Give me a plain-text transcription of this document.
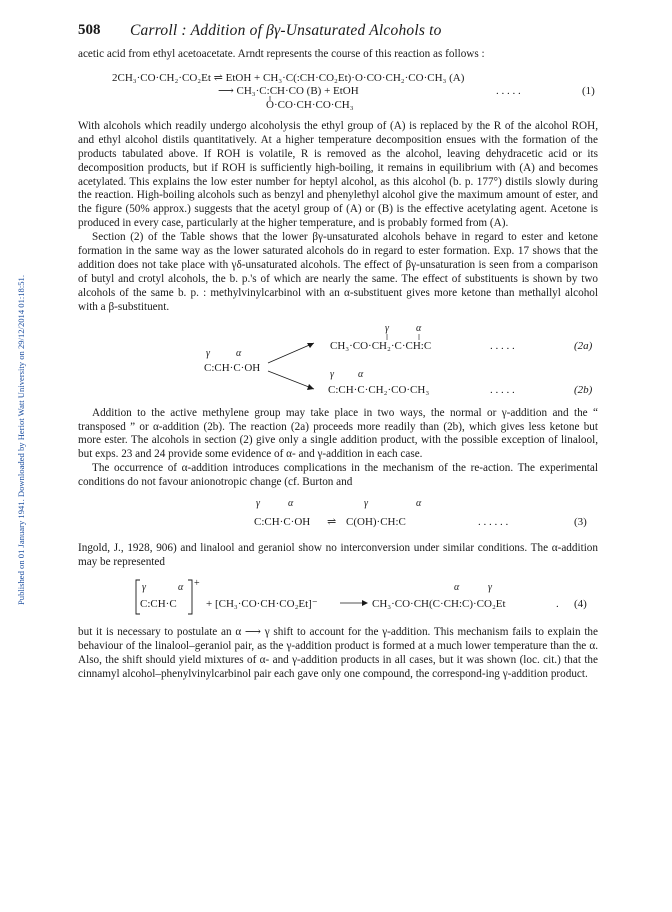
Published on 01 January 1941. Downloaded by Heriot Watt University on 29/12/2014 01:18:51.
508 Carroll : Addition of βγ-Unsaturated Alcohols to

acetic acid from ethyl acetoacetate. Arndt represents the course of this reaction as follows :

2CH₃·CO·CH₂·CO₂Et ⇌ EtOH + CH₃·C(:CH·CO₂Et)·O·CO·CH₂·CO·CH₃ (A)
⟶ CH₃·C:CH·CO (B) + EtOH	. . . . .	(1)
O·CO·CH·CO·CH₃

With alcohols which readily undergo alcoholysis the ethyl group of (A) is replaced by the R of the alcohol ROH, and ethyl alcohol distils quantitatively. At a higher temperature decomposition ensues with the formation of the products tabulated above. If ROH is volatile, R is removed as the alcohol, leaving dehydracetic acid or its decomposition products, but if ROH is sufficiently high-boiling, it remains in equilibrium with (A) and becomes acetylated. This explains the low ester number for heptyl alcohol, as this alcohol (b. p. 177°) distils slowly during the reaction. High-boiling alcohols such as benzyl and phenylethyl alcohol give the maximum amount of ester, and the figure (50% approx.) suggests that the acetyl group of (A) or (B) is the effective acetylating agent. Acetone is produced in every case, particularly at the higher temperature, and is probably formed from (A).

Section (2) of the Table shows that the lower βγ-unsaturated alcohols behave in regard to ester and ketone formation in the same way as the lower saturated alcohols do in regard to ester formation. Exp. 17 shows that the addition does not take place with γδ-unsaturated alcohols. The effect of βγ-unsaturation is seen from a comparison of butyl and crotyl alcohols, the b. p.'s of which are nearly the same. The effect of substituents is shown by two alcohols of the same b. p. : methylvinylcarbinol with an α-substituent gives more ketone than methallyl alcohol with a β-substituent.

γ	α
CH₃·CO·CH₂·C·CH:C	. . . . .	(2a)
γ	α
C:CH·C·OH
γ α
C:CH·C·CH₂·CO·CH₃	. . . . .	(2b)

Addition to the active methylene group may take place in two ways, the normal or γ-addition and the “ transposed ” or α-addition (2b). The reaction (2a) proceeds more readily than (2b), which gives less ketone but more ester. The alcohols in section (2) give only a single addition product, with the possible exception of linalool, but exps. 23 and 24 provide some evidence of α- and γ-addition in each case.

The occurrence of α-addition introduces complications in the mechanism of the re-action. The experimental conditions do not favour anionotropic change (cf. Burton and

γ	α	γ	α
C:CH·C·OH ⇌ C(OH)·CH:C	. . . . . .	(3)

Ingold, J., 1928, 906) and linalool and geraniol show no interconversion under similar conditions. The α-addition may be represented

+
γ	α
C:CH·C	+ [CH₃·CO·CH·CO₂Et]⁻
α	γ
CH₃·CO·CH(C·CH:C)·CO₂Et	. (4)

but it is necessary to postulate an α ⟶ γ shift to account for the γ-addition. This mechanism fails to explain the behaviour of the linalool–geraniol pair, as the γ-addition product is formed at a much lower temperature than the α. Also, the shift should yield mixtures of α- and γ-addition products in all cases, but it was shown (loc. cit.) that the cinnamyl alcohol–phenylvinylcarbinol pair each gave only one compound, the correspond-ing γ-addition product.
